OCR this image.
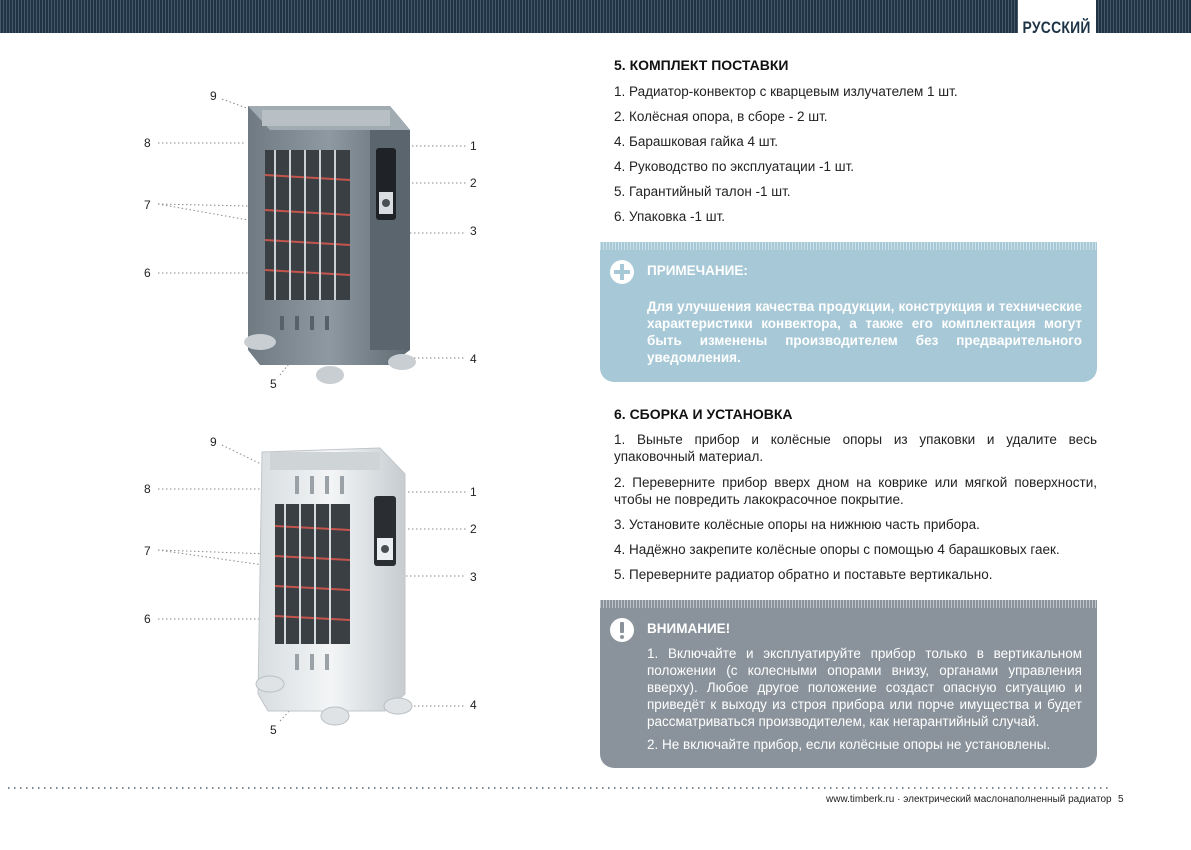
РУССКИЙ
9
8
7
6
5
1
2
3
4
9
8
7
6
5
1
2
3
4
5. КОМПЛЕКТ ПОСТАВКИ
1. Радиатор-конвектор с кварцевым излучателем 1 шт.
2. Колёсная опора, в сборе - 2 шт.
4. Барашковая гайка 4 шт.
4. Руководство по эксплуатации -1 шт.
5. Гарантийный талон -1 шт.
6. Упаковка -1 шт.
ПРИМЕЧАНИЕ:
Для улучшения качества продукции, конструкция и технические характеристики конвектора, а также его комплектация могут быть изменены производителем без предварительного уведомления.
6. СБОРКА И УСТАНОВКА
1. Выньте прибор и колёсные опоры из упаковки и удалите весь упаковочный материал.
2. Переверните прибор вверх дном на коврике или мягкой поверхности, чтобы не повредить лакокрасочное покрытие.
3. Установите колёсные опоры на нижнюю часть прибора.
4. Надёжно закрепите колёсные опоры с помощью 4 барашковых гаек.
5. Переверните радиатор обратно и поставьте вертикально.
ВНИМАНИЕ!
1. Включайте и эксплуатируйте прибор только в вертикальном положении (с колесными опорами внизу, органами управления вверху). Любое другое положение создаст опасную ситуацию и приведёт к выходу из строя прибора или порче имущества и будет рассматриваться производителем, как негарантийный случай.
2. Не включайте прибор, если колёсные опоры не установлены.
www.timberk.ru · электрический маслонаполненный радиатор 5
